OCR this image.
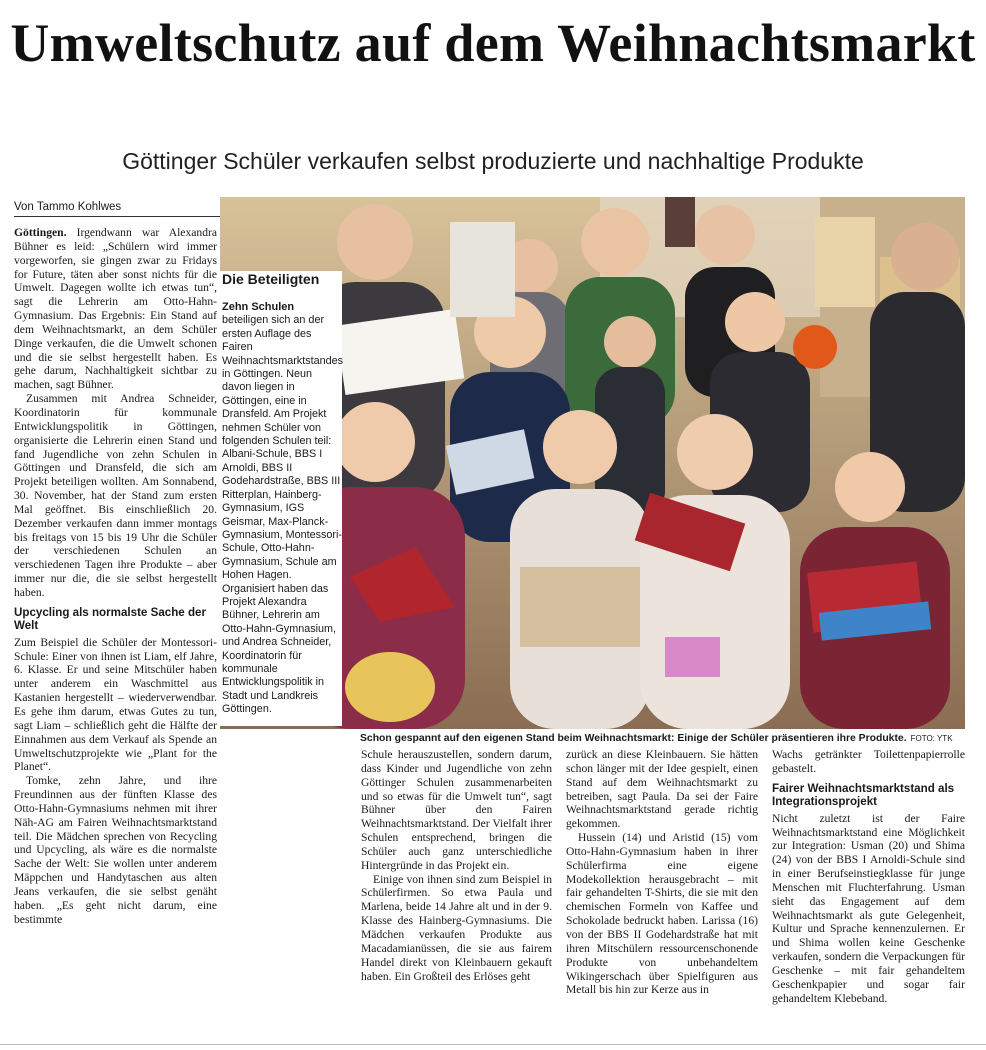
Umweltschutz auf dem Weihnachtsmarkt
Göttinger Schüler verkaufen selbst produzierte und nachhaltige Produkte
Von Tammo Kohlwes

Göttingen. Irgendwann war Alexandra Bühner es leid: „Schülern wird immer vorgeworfen, sie gingen zwar zu Fridays for Future, täten aber sonst nichts für die Umwelt. Dagegen wollte ich etwas tun“, sagt die Lehrerin am Otto-Hahn-Gymnasium. Das Ergebnis: Ein Stand auf dem Weihnachtsmarkt, an dem Schüler Dinge verkaufen, die die Umwelt schonen und die sie selbst hergestellt haben. Es gehe darum, Nachhaltigkeit sichtbar zu machen, sagt Bühner.

Zusammen mit Andrea Schneider, Koordinatorin für kommunale Entwicklungspolitik in Göttingen, organisierte die Lehrerin einen Stand und fand Jugendliche von zehn Schulen in Göttingen und Dransfeld, die sich am Projekt beteiligen wollten. Am Sonnabend, 30. November, hat der Stand zum ersten Mal geöffnet. Bis einschließlich 20. Dezember verkaufen dann immer montags bis freitags von 15 bis 19 Uhr die Schüler der verschiedenen Schulen an verschiedenen Tagen ihre Produkte – aber immer nur die, die sie selbst hergestellt haben.

Upcycling als normalste Sache der Welt

Zum Beispiel die Schüler der Montessori-Schule: Einer von ihnen ist Liam, elf Jahre, 6. Klasse. Er und seine Mitschüler haben unter anderem ein Waschmittel aus Kastanien hergestellt – wiederverwendbar. Es gehe ihm darum, etwas Gutes zu tun, sagt Liam – schließlich geht die Hälfte der Einnahmen aus dem Verkauf als Spende an Umweltschutzprojekte wie „Plant for the Planet“.

Tomke, zehn Jahre, und ihre Freundinnen aus der fünften Klasse des Otto-Hahn-Gymnasiums nehmen mit ihrer Näh-AG am Fairen Weihnachtsmarktstand teil. Die Mädchen sprechen von Recycling und Upcycling, als wäre es die normalste Sache der Welt: Sie wollen unter anderem Mäppchen und Handytaschen aus alten Jeans verkaufen, die sie selbst genäht haben. „Es geht nicht darum, eine bestimmte

Die Beteiligten
Zehn Schulen beteiligen sich an der ersten Auflage des Fairen Weihnachtsmarktstandes in Göttingen. Neun davon liegen in Göttingen, eine in Dransfeld. Am Projekt nehmen Schüler von folgenden Schulen teil: Albani-Schule, BBS I Arnoldi, BBS II Godehardstraße, BBS III Ritterplan, Hainberg-Gymnasium, IGS Geismar, Max-Planck-Gymnasium, Montessori-Schule, Otto-Hahn-Gymnasium, Schule am Hohen Hagen. Organisiert haben das Projekt Alexandra Bühner, Lehrerin am Otto-Hahn-Gymnasium, und Andrea Schneider, Koordinatorin für kommunale Entwicklungspolitik in Stadt und Landkreis Göttingen.
Schon gespannt auf den eigenen Stand beim Weihnachtsmarkt: Einige der Schüler präsentieren ihre Produkte. FOTO: YTK

Schule herauszustellen, sondern darum, dass Kinder und Jugendliche von zehn Göttinger Schulen zusammenarbeiten und so etwas für die Umwelt tun“, sagt Bühner über den Fairen Weihnachtsmarktstand. Der Vielfalt ihrer Schulen entsprechend, bringen die Schüler auch ganz unterschiedliche Hintergründe in das Projekt ein.

Einige von ihnen sind zum Beispiel in Schülerfirmen. So etwa Paula und Marlena, beide 14 Jahre alt und in der 9. Klasse des Hainberg-Gymnasiums. Die Mädchen verkaufen Produkte aus Macadamianüssen, die sie aus fairem Handel direkt von Kleinbauern gekauft haben. Ein Großteil des Erlöses geht

zurück an diese Kleinbauern. Sie hätten schon länger mit der Idee gespielt, einen Stand auf dem Weihnachtsmarkt zu betreiben, sagt Paula. Da sei der Faire Weihnachtsmarktstand gerade richtig gekommen.

Hussein (14) und Aristid (15) vom Otto-Hahn-Gymnasium haben in ihrer Schülerfirma eine eigene Modekollektion herausgebracht – mit fair gehandelten T-Shirts, die sie mit den chemischen Formeln von Kaffee und Schokolade bedruckt haben. Larissa (16) von der BBS II Godehardstraße hat mit ihren Mitschülern ressourcenschonende Produkte von unbehandeltem Wikingerschach über Spielfiguren aus Metall bis hin zur Kerze aus in

Wachs getränkter Toilettenpapierrolle gebastelt.

Fairer Weihnachtsmarktstand als Integrationsprojekt

Nicht zuletzt ist der Faire Weihnachtsmarktstand eine Möglichkeit zur Integration: Usman (20) und Shima (24) von der BBS I Arnoldi-Schule sind in einer Berufseinstiegklasse für junge Menschen mit Fluchterfahrung. Usman sieht das Engagement auf dem Weihnachtsmarkt als gute Gelegenheit, Kultur und Sprache kennenzulernen. Er und Shima wollen keine Geschenke verkaufen, sondern die Verpackungen für Geschenke – mit fair gehandeltem Geschenkpapier und sogar fair gehandeltem Klebeband.
